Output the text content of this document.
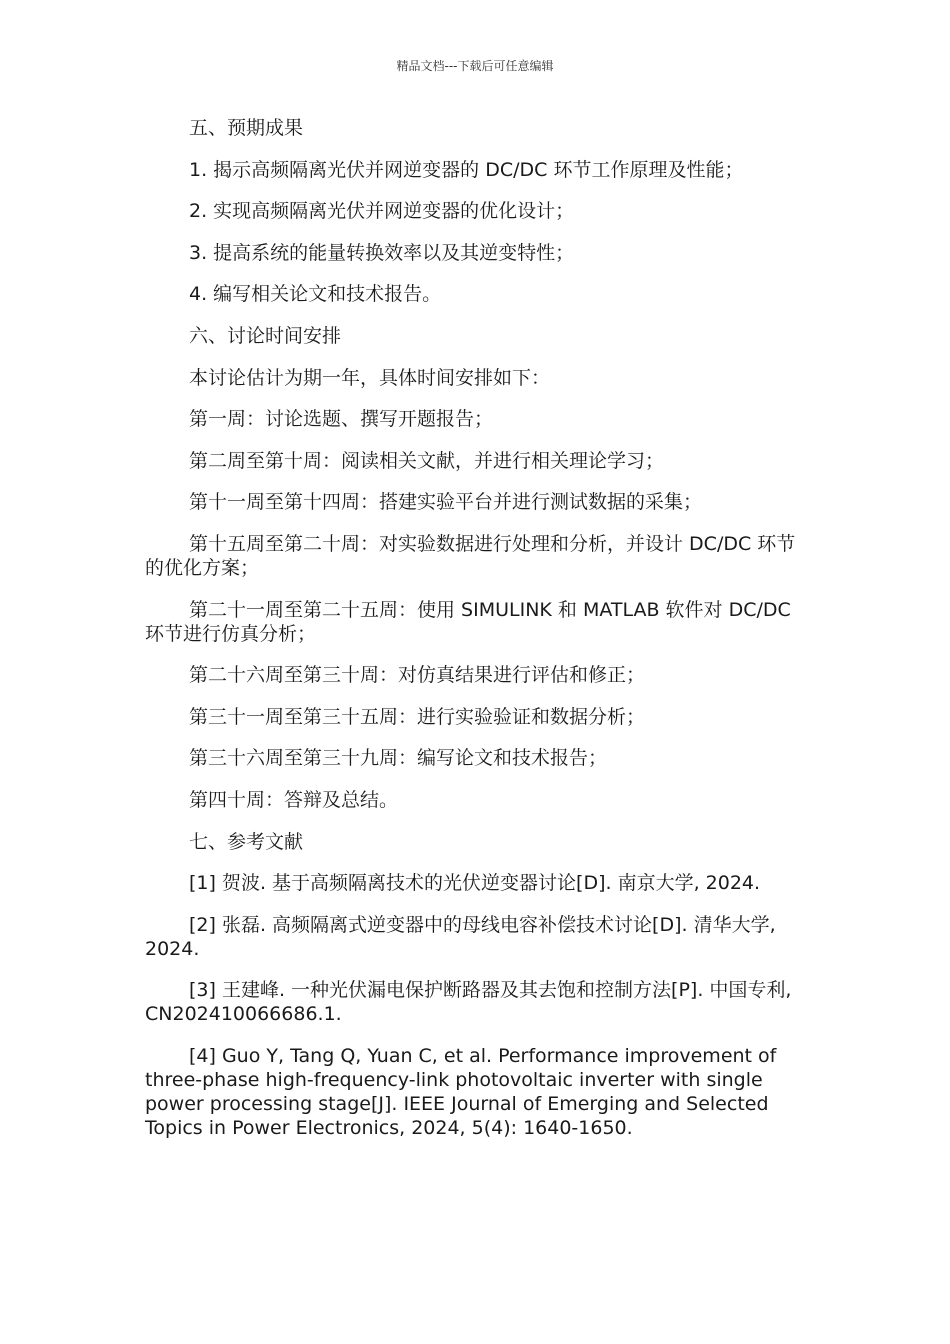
精品文档---下载后可任意编辑

五、预期成果

1. 揭示高频隔离光伏并网逆变器的 DC/DC 环节工作原理及性能；

2. 实现高频隔离光伏并网逆变器的优化设计；

3. 提高系统的能量转换效率以及其逆变特性；

4. 编写相关论文和技术报告。

六、讨论时间安排

本讨论估计为期一年，具体时间安排如下：

第一周：讨论选题、撰写开题报告；

第二周至第十周：阅读相关文献，并进行相关理论学习；

第十一周至第十四周：搭建实验平台并进行测试数据的采集；

第十五周至第二十周：对实验数据进行处理和分析，并设计 DC/DC 环节的优化方案；

第二十一周至第二十五周：使用 SIMULINK 和 MATLAB 软件对 DC/DC 环节进行仿真分析；

第二十六周至第三十周：对仿真结果进行评估和修正；

第三十一周至第三十五周：进行实验验证和数据分析；

第三十六周至第三十九周：编写论文和技术报告；

第四十周：答辩及总结。

七、参考文献

[1] 贺波. 基于高频隔离技术的光伏逆变器讨论[D]. 南京大学, 2024.

[2] 张磊. 高频隔离式逆变器中的母线电容补偿技术讨论[D]. 清华大学, 2024.

[3] 王建峰. 一种光伏漏电保护断路器及其去饱和控制方法[P]. 中国专利, CN202410066686.1.

[4] Guo Y, Tang Q, Yuan C, et al. Performance improvement of three-phase high-frequency-link photovoltaic inverter with single power processing stage[J]. IEEE Journal of Emerging and Selected Topics in Power Electronics, 2024, 5(4): 1640-1650.
